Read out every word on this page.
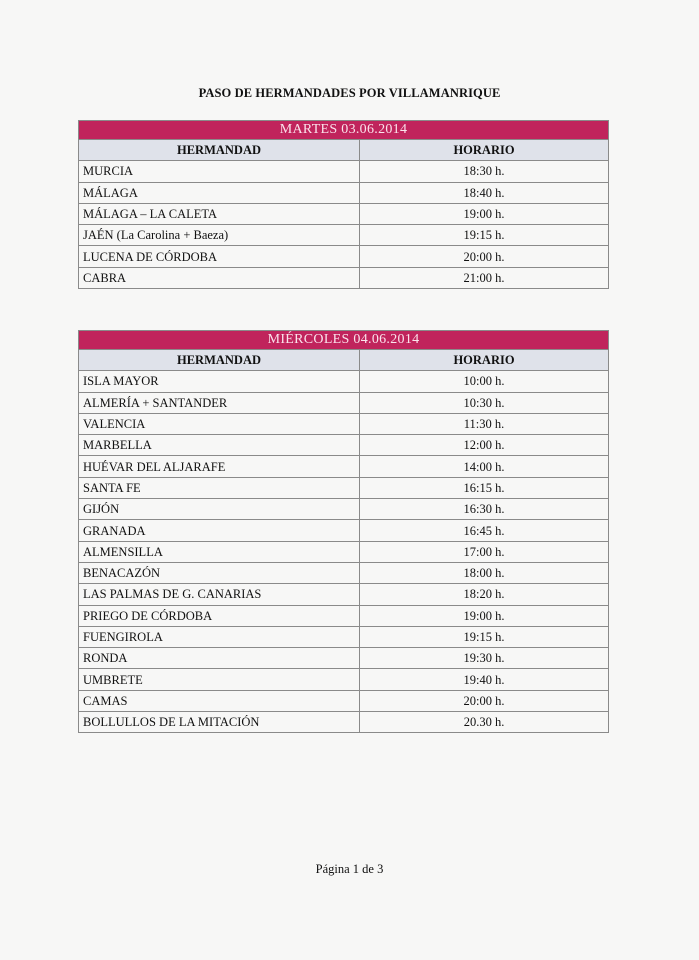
PASO DE HERMANDADES POR VILLAMANRIQUE
MARTES 03.06.2014	
HERMANDAD	HORARIO
MURCIA	18:30 h.
MÁLAGA	18:40 h.
MÁLAGA – LA CALETA	19:00 h.
JAÉN (La Carolina + Baeza)	19:15 h.
LUCENA DE CÓRDOBA	20:00 h.
CABRA	21:00 h.
MIÉRCOLES 04.06.2014	
HERMANDAD	HORARIO
ISLA MAYOR	10:00 h.
ALMERÍA + SANTANDER	10:30 h.
VALENCIA	11:30 h.
MARBELLA	12:00 h.
HUÉVAR DEL ALJARAFE	14:00 h.
SANTA FE	16:15 h.
GIJÓN	16:30 h.
GRANADA	16:45 h.
ALMENSILLA	17:00 h.
BENACAZÓN	18:00 h.
LAS PALMAS DE G. CANARIAS	18:20 h.
PRIEGO DE CÓRDOBA	19:00 h.
FUENGIROLA	19:15 h.
RONDA	19:30 h.
UMBRETE	19:40 h.
CAMAS	20:00 h.
BOLLULLOS DE LA MITACIÓN	20.30 h.
Página 1 de 3
